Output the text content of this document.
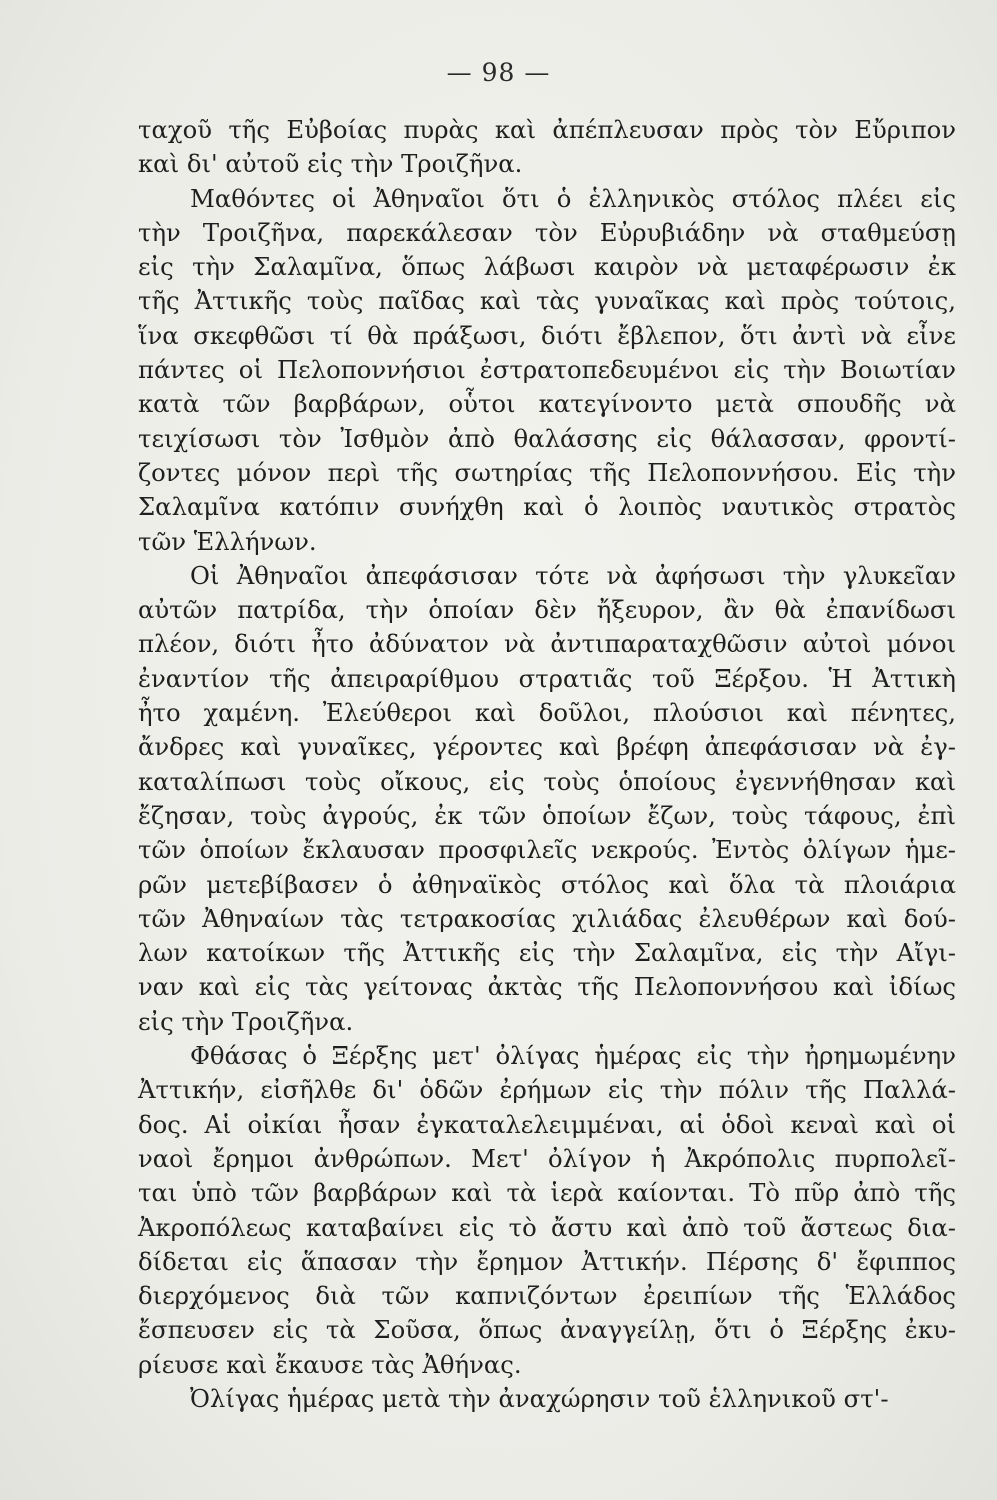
— 98 —
ταχοῦ τῆς Εὐβοίας πυρὰς καὶ ἀπέπλευσαν πρὸς τὸν Εὔριπον
καὶ δι' αὐτοῦ εἰς τὴν Τροιζῆνα.
Μαθόντες οἱ Ἀθηναῖοι ὅτι ὁ ἑλληνικὸς στόλος πλέει εἰς
τὴν Τροιζῆνα, παρεκάλεσαν τὸν Εὐρυβιάδην νὰ σταθμεύσῃ
εἰς τὴν Σαλαμῖνα, ὅπως λάβωσι καιρὸν νὰ μεταφέρωσιν ἐκ
τῆς Ἀττικῆς τοὺς παῖδας καὶ τὰς γυναῖκας καὶ πρὸς τούτοις,
ἵνα σκεφθῶσι τί θὰ πράξωσι, διότι ἔβλεπον, ὅτι ἀντὶ νὰ εἶνε
πάντες οἱ Πελοποννήσιοι ἐστρατοπεδευμένοι εἰς τὴν Βοιωτίαν
κατὰ τῶν βαρβάρων, οὗτοι κατεγίνοντο μετὰ σπουδῆς νὰ
τειχίσωσι τὸν Ἰσθμὸν ἀπὸ θαλάσσης εἰς θάλασσαν, φροντί-
ζοντες μόνον περὶ τῆς σωτηρίας τῆς Πελοποννήσου. Εἰς τὴν
Σαλαμῖνα κατόπιν συνήχθη καὶ ὁ λοιπὸς ναυτικὸς στρατὸς
τῶν Ἑλλήνων.
Οἱ Ἀθηναῖοι ἀπεφάσισαν τότε νὰ ἀφήσωσι τὴν γλυκεῖαν
αὐτῶν πατρίδα, τὴν ὁποίαν δὲν ἤξευρον, ἂν θὰ ἐπανίδωσι
πλέον, διότι ἦτο ἀδύνατον νὰ ἀντιπαραταχθῶσιν αὐτοὶ μόνοι
ἐναντίον τῆς ἀπειραρίθμου στρατιᾶς τοῦ Ξέρξου. Ἡ Ἀττικὴ
ἦτο χαμένη. Ἐλεύθεροι καὶ δοῦλοι, πλούσιοι καὶ πένητες,
ἄνδρες καὶ γυναῖκες, γέροντες καὶ βρέφη ἀπεφάσισαν νὰ ἐγ-
καταλίπωσι τοὺς οἴκους, εἰς τοὺς ὁποίους ἐγεννήθησαν καὶ
ἔζησαν, τοὺς ἀγρούς, ἐκ τῶν ὁποίων ἔζων, τοὺς τάφους, ἐπὶ
τῶν ὁποίων ἔκλαυσαν προσφιλεῖς νεκρούς. Ἐντὸς ὀλίγων ἡμε-
ρῶν μετεβίβασεν ὁ ἀθηναϊκὸς στόλος καὶ ὅλα τὰ πλοιάρια
τῶν Ἀθηναίων τὰς τετρακοσίας χιλιάδας ἐλευθέρων καὶ δού-
λων κατοίκων τῆς Ἀττικῆς εἰς τὴν Σαλαμῖνα, εἰς τὴν Αἴγι-
ναν καὶ εἰς τὰς γείτονας ἀκτὰς τῆς Πελοποννήσου καὶ ἰδίως
εἰς τὴν Τροιζῆνα.
Φθάσας ὁ Ξέρξης μετ' ὀλίγας ἡμέρας εἰς τὴν ἠρημωμένην
Ἀττικήν, εἰσῆλθε δι' ὁδῶν ἐρήμων εἰς τὴν πόλιν τῆς Παλλά-
δος. Αἱ οἰκίαι ἦσαν ἐγκαταλελειμμέναι, αἱ ὁδοὶ κεναὶ καὶ οἱ
ναοὶ ἔρημοι ἀνθρώπων. Μετ' ὀλίγον ἡ Ἀκρόπολις πυρπολεῖ-
ται ὑπὸ τῶν βαρβάρων καὶ τὰ ἱερὰ καίονται. Τὸ πῦρ ἀπὸ τῆς
Ἀκροπόλεως καταβαίνει εἰς τὸ ἄστυ καὶ ἀπὸ τοῦ ἄστεως δια-
δίδεται εἰς ἅπασαν τὴν ἔρημον Ἀττικήν. Πέρσης δ' ἔφιππος
διερχόμενος διὰ τῶν καπνιζόντων ἐρειπίων τῆς Ἑλλάδος
ἔσπευσεν εἰς τὰ Σοῦσα, ὅπως ἀναγγείλῃ, ὅτι ὁ Ξέρξης ἐκυ-
ρίευσε καὶ ἔκαυσε τὰς Ἀθήνας.
Ὀλίγας ἡμέρας μετὰ τὴν ἀναχώρησιν τοῦ ἑλληνικοῦ στ'-
